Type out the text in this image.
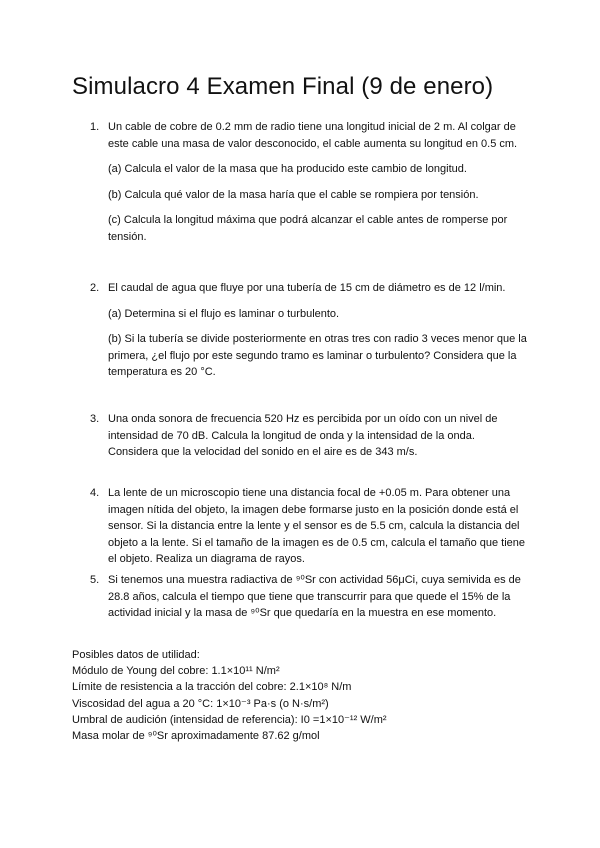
Simulacro 4 Examen Final (9 de enero)
1. Un cable de cobre de 0.2 mm de radio tiene una longitud inicial de 2 m. Al colgar de este cable una masa de valor desconocido, el cable aumenta su longitud en 0.5 cm.

(a) Calcula el valor de la masa que ha producido este cambio de longitud.

(b) Calcula qué valor de la masa haría que el cable se rompiera por tensión.

(c) Calcula la longitud máxima que podrá alcanzar el cable antes de romperse por tensión.

2. El caudal de agua que fluye por una tubería de 15 cm de diámetro es de 12 l/min.

(a) Determina si el flujo es laminar o turbulento.

(b) Si la tubería se divide posteriormente en otras tres con radio 3 veces menor que la primera, ¿el flujo por este segundo tramo es laminar o turbulento? Considera que la temperatura es 20 °C.

3. Una onda sonora de frecuencia 520 Hz es percibida por un oído con un nivel de intensidad de 70 dB. Calcula la longitud de onda y la intensidad de la onda. Considera que la velocidad del sonido en el aire es de 343 m/s.

4. La lente de un microscopio tiene una distancia focal de +0.05 m. Para obtener una imagen nítida del objeto, la imagen debe formarse justo en la posición donde está el sensor. Si la distancia entre la lente y el sensor es de 5.5 cm, calcula la distancia del objeto a la lente. Si el tamaño de la imagen es de 0.5 cm, calcula el tamaño que tiene el objeto. Realiza un diagrama de rayos.

5. Si tenemos una muestra radiactiva de ⁹⁰Sr con actividad 56μCi, cuya semivida es de 28.8 años, calcula el tiempo que tiene que transcurrir para que quede el 15% de la actividad inicial y la masa de ⁹⁰Sr que quedaría en la muestra en ese momento.

Posibles datos de utilidad:

Módulo de Young del cobre: 1.1×10¹¹ N/m²

Límite de resistencia a la tracción del cobre: 2.1×10⁸ N/m

Viscosidad del agua a 20 °C: 1×10⁻³ Pa·s (o N·s/m²)

Umbral de audición (intensidad de referencia): I0 =1×10⁻¹² W/m²

Masa molar de ⁹⁰Sr aproximadamente 87.62 g/mol
